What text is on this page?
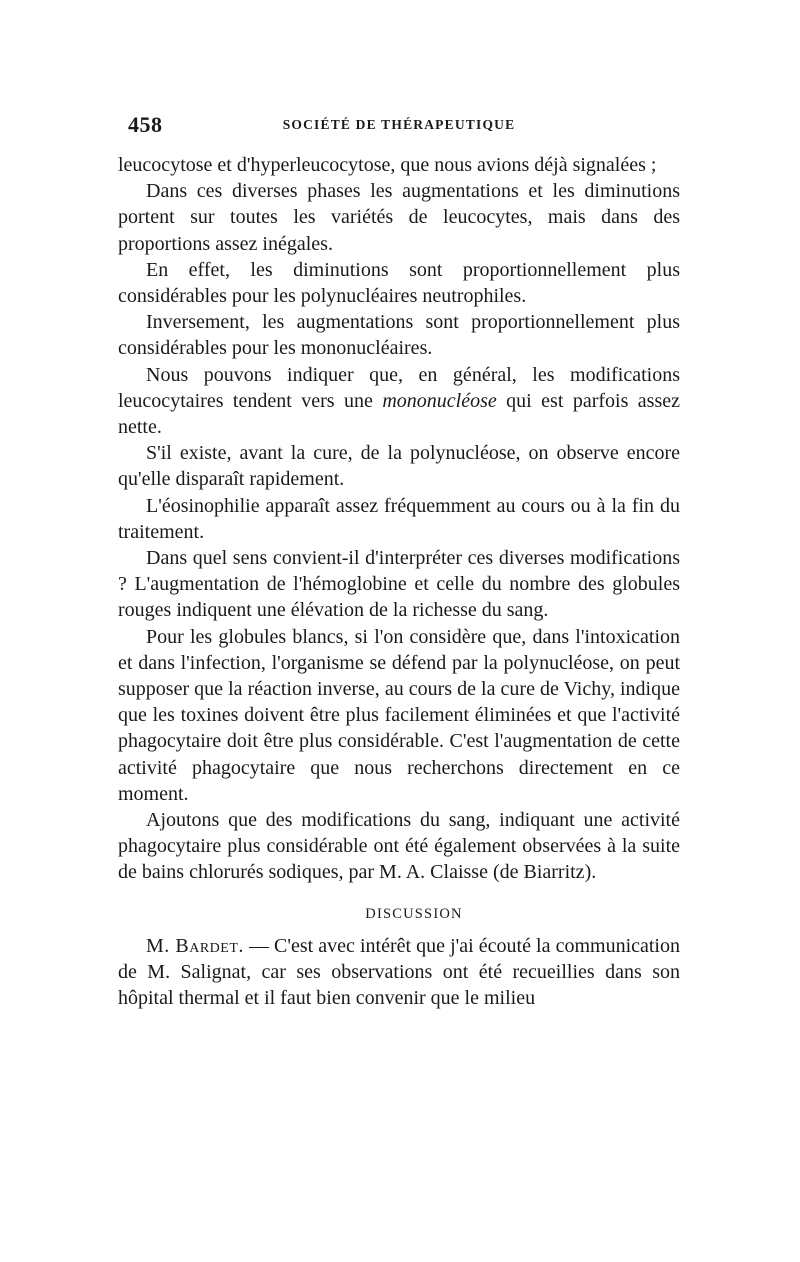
458	SOCIÉTÉ DE THÉRAPEUTIQUE

leucocytose et d'hyperleucocytose, que nous avions déjà signalées ;

Dans ces diverses phases les augmentations et les diminutions portent sur toutes les variétés de leucocytes, mais dans des proportions assez inégales.

En effet, les diminutions sont proportionnellement plus considérables pour les polynucléaires neutrophiles.

Inversement, les augmentations sont proportionnellement plus considérables pour les mononucléaires.

Nous pouvons indiquer que, en général, les modifications leucocytaires tendent vers une mononucléose qui est parfois assez nette.

S'il existe, avant la cure, de la polynucléose, on observe encore qu'elle disparaît rapidement.

L'éosinophilie apparaît assez fréquemment au cours ou à la fin du traitement.

Dans quel sens convient-il d'interpréter ces diverses modifications ? L'augmentation de l'hémoglobine et celle du nombre des globules rouges indiquent une élévation de la richesse du sang.

Pour les globules blancs, si l'on considère que, dans l'intoxication et dans l'infection, l'organisme se défend par la polynucléose, on peut supposer que la réaction inverse, au cours de la cure de Vichy, indique que les toxines doivent être plus facilement éliminées et que l'activité phagocytaire doit être plus considérable. C'est l'augmentation de cette activité phagocytaire que nous recherchons directement en ce moment.

Ajoutons que des modifications du sang, indiquant une activité phagocytaire plus considérable ont été également observées à la suite de bains chlorurés sodiques, par M. A. Claisse (de Biarritz).

DISCUSSION

M. Bardet. — C'est avec intérêt que j'ai écouté la communication de M. Salignat, car ses observations ont été recueillies dans son hôpital thermal et il faut bien convenir que le milieu
